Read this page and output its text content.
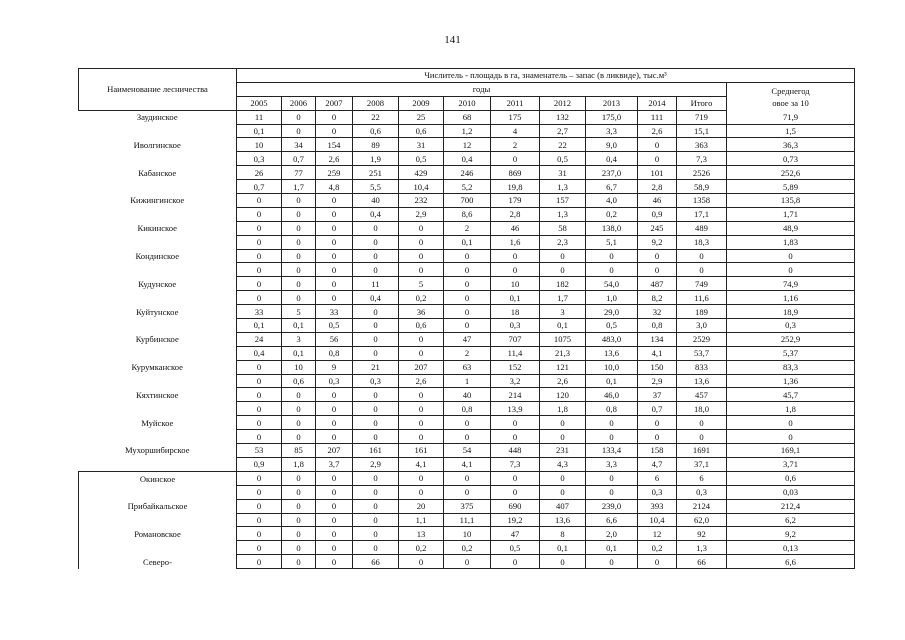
141
Наименование лесничества	Числитель - площадь в га, знаменатель – запас (в ликвиде), тыс.м³											
	годы											Среднегод
овое за 10

	2005	2006	2007	2008	2009	2010	2011	2012	2013	2014	Итого	
Заудинское	11	0	0	22	25	68	175	132	175,0	111	719	71,9
	0,1	0	0	0,6	0,6	1,2	4	2,7	3,3	2,6	15,1	1,5
Иволгинское	10	34	154	89	31	12	2	22	9,0	0	363	36,3
	0,3	0,7	2,6	1,9	0,5	0,4	0	0,5	0,4	0	7,3	0,73
Кабанское	26	77	259	251	429	246	869	31	237,0	101	2526	252,6
	0,7	1,7	4,8	5,5	10,4	5,2	19,8	1,3	6,7	2,8	58,9	5,89
Кижингинское	0	0	0	40	232	700	179	157	4,0	46	1358	135,8
	0	0	0	0,4	2,9	8,6	2,8	1,3	0,2	0,9	17,1	1,71
Кикинское	0	0	0	0	0	2	46	58	138,0	245	489	48,9
	0	0	0	0	0	0,1	1,6	2,3	5,1	9,2	18,3	1,83
Кондинское	0	0	0	0	0	0	0	0	0	0	0	0
	0	0	0	0	0	0	0	0	0	0	0	0
Кудунское	0	0	0	11	5	0	10	182	54,0	487	749	74,9
	0	0	0	0,4	0,2	0	0,1	1,7	1,0	8,2	11,6	1,16
Куйтунское	33	5	33	0	36	0	18	3	29,0	32	189	18,9
	0,1	0,1	0,5	0	0,6	0	0,3	0,1	0,5	0,8	3,0	0,3
Курбинское	24	3	56	0	0	47	707	1075	483,0	134	2529	252,9
	0,4	0,1	0,8	0	0	2	11,4	21,3	13,6	4,1	53,7	5,37
Курумканское	0	10	9	21	207	63	152	121	10,0	150	833	83,3
	0	0,6	0,3	0,3	2,6	1	3,2	2,6	0,1	2,9	13,6	1,36
Кяхтинское	0	0	0	0	0	40	214	120	46,0	37	457	45,7
	0	0	0	0	0	0,8	13,9	1,8	0,8	0,7	18,0	1,8
Муйское	0	0	0	0	0	0	0	0	0	0	0	0
	0	0	0	0	0	0	0	0	0	0	0	0
Мухоршибирское	53	85	207	161	161	54	448	231	133,4	158	1691	169,1
	0,9	1,8	3,7	2,9	4,1	4,1	7,3	4,3	3,3	4,7	37,1	3,71
Окинское	0	0	0	0	0	0	0	0	0	6	6	0,6
	0	0	0	0	0	0	0	0	0	0,3	0,3	0,03
Прибайкальское	0	0	0	0	20	375	690	407	239,0	393	2124	212,4
	0	0	0	0	1,1	11,1	19,2	13,6	6,6	10,4	62,0	6,2
Романовское	0	0	0	0	13	10	47	8	2,0	12	92	9,2
	0	0	0	0	0,2	0,2	0,5	0,1	0,1	0,2	1,3	0,13
Северо-	0	0	0	66	0	0	0	0	0	0	66	6,6
